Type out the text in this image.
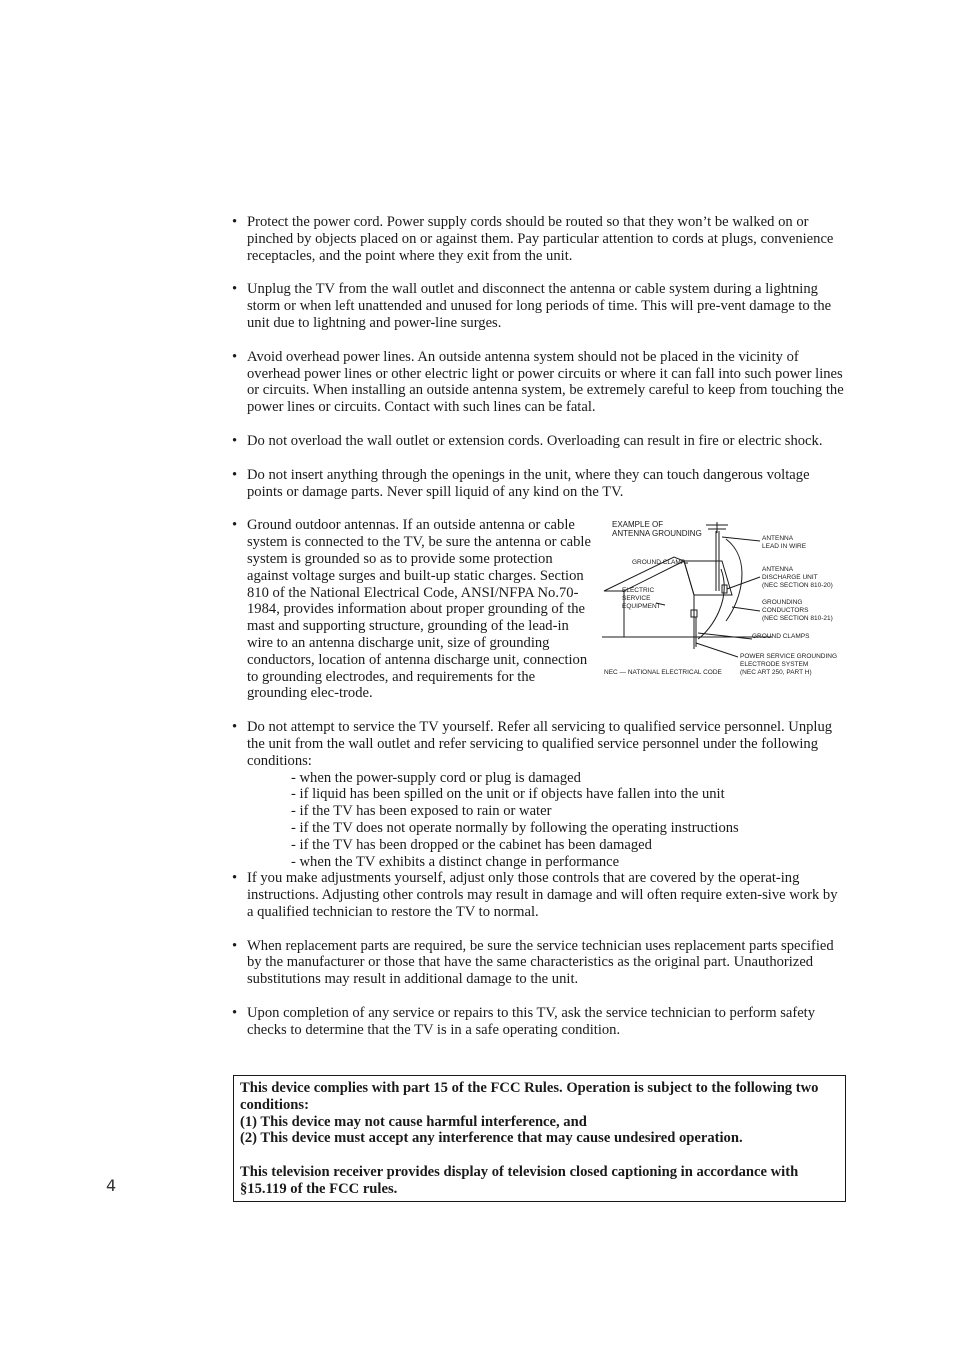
• Protect the power cord. Power supply cords should be routed so that they won’t be walked on or pinched by objects placed on or against them. Pay particular attention to cords at plugs, convenience receptacles, and the point where they exit from the unit.
• Unplug the TV from the wall outlet and disconnect the antenna or cable system during a lightning storm or when left unattended and unused for long periods of time. This will pre-vent damage to the unit due to lightning and power-line surges.
• Avoid overhead power lines. An outside antenna system should not be placed in the vicinity of overhead power lines or other electric light or power circuits or where it can fall into such power lines or circuits. When installing an outside antenna system, be extremely careful to keep from touching the power lines or circuits. Contact with such lines can be fatal.
• Do not overload the wall outlet or extension cords. Overloading can result in fire or electric shock.
• Do not insert anything through the openings in the unit, where they can touch dangerous voltage points or damage parts. Never spill liquid of any kind on the TV.
• Ground outdoor antennas. If an outside antenna or cable system is connected to the TV, be sure the antenna or cable system is grounded so as to provide some protection against voltage surges and built-up static charges. Section 810 of the National Electrical Code, ANSI/NFPA No.70-1984, provides information about proper grounding of the mast and supporting structure, grounding of the lead-in wire to an antenna discharge unit, size of grounding conductors, location of antenna discharge unit, connection to grounding electrodes, and requirements for the grounding elec-trode.
EXAMPLE OF
ANTENNA GROUNDING
GROUND CLAMP
ELECTRIC
SERVICE
EQUIPMENT
ANTENNA
LEAD IN WIRE
ANTENNA
DISCHARGE UNIT
(NEC SECTION 810-20)
GROUNDING
CONDUCTORS
(NEC SECTION 810-21)
GROUND CLAMPS
POWER SERVICE GROUNDING
ELECTRODE SYSTEM
(NEC ART 250, PART H)
NEC — NATIONAL ELECTRICAL CODE
• Do not attempt to service the TV yourself. Refer all servicing to qualified service personnel. Unplug the unit from the wall outlet and refer servicing to qualified service personnel under the following conditions:
- when the power-supply cord or plug is damaged
- if liquid has been spilled on the unit or if objects have fallen into the unit
- if the TV has been exposed to rain or water
- if the TV does not operate normally by following the operating instructions
- if the TV has been dropped or the cabinet has been damaged
- when the TV exhibits a distinct change in performance
• If you make adjustments yourself, adjust only those controls that are covered by the operat-ing instructions. Adjusting other controls may result in damage and will often require exten-sive work by a qualified technician to restore the TV to normal.
• When replacement parts are required, be sure the service technician uses replacement parts specified by the manufacturer or those that have the same characteristics as the original part. Unauthorized substitutions may result in additional damage to the unit.
• Upon completion of any service or repairs to this TV, ask the service technician to perform safety checks to determine that the TV is in a safe operating condition.
This device complies with part 15 of the FCC Rules. Operation is subject to the following two conditions:
(1) This device may not cause harmful interference, and
(2) This device must accept any interference that may cause undesired operation.
This television receiver provides display of television closed captioning in accordance with §15.119 of the FCC rules.
4
